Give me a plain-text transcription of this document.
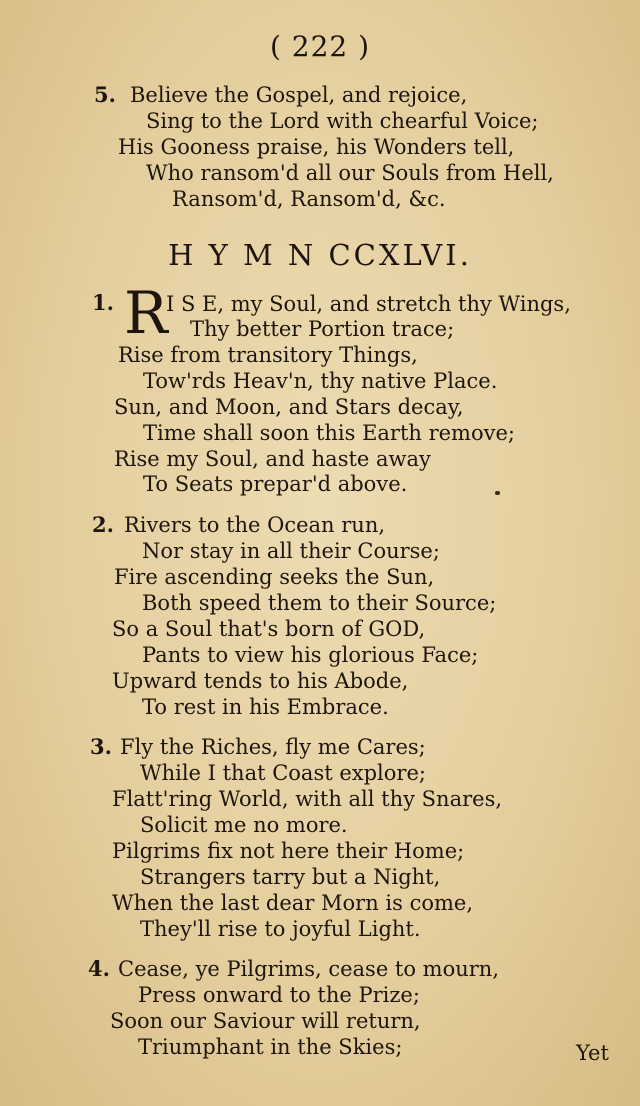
( 222 )

5. Believe the Gospel, and rejoice,

Sing to the Lord with chearful Voice;

His Gooness praise, his Wonders tell,

Who ransom'd all our Souls from Hell,

Ransom'd, Ransom'd, &c.

H Y M N CCXLVI.
1. R

I S E, my Soul, and stretch thy Wings,

Thy better Portion trace;

Rise from transitory Things,

Tow'rds Heav'n, thy native Place.

Sun, and Moon, and Stars decay,

Time shall soon this Earth remove;

Rise my Soul, and haste away

To Seats prepar'd above.

2. Rivers to the Ocean run,

Nor stay in all their Course;

Fire ascending seeks the Sun,

Both speed them to their Source;

So a Soul that's born of GOD,

Pants to view his glorious Face;

Upward tends to his Abode,

To rest in his Embrace.

3. Fly the Riches, fly me Cares;

While I that Coast explore;

Flatt'ring World, with all thy Snares,

Solicit me no more.

Pilgrims fix not here their Home;

Strangers tarry but a Night,

When the last dear Morn is come,

They'll rise to joyful Light.

4. Cease, ye Pilgrims, cease to mourn,

Press onward to the Prize;

Soon our Saviour will return,

Triumphant in the Skies;	Yet
